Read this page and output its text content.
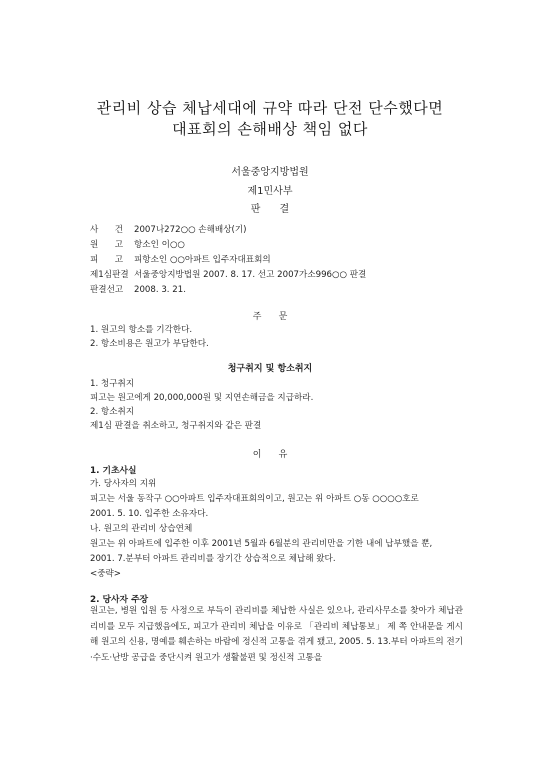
관리비 상습 체납세대에 규약 따라 단전 단수했다면
대표회의 손해배상 책임 없다
서울중앙지방법원
제1민사부
판      결
사      건 2007나272○○ 손해배상(기)
원      고 항소인 이○○
피      고 피항소인 ○○아파트 입주자대표회의
제1심판결 서울중앙지방법원 2007. 8. 17. 선고 2007가소996○○ 판결
판결선고 2008. 3. 21.
주      문
1. 원고의 항소를 기각한다.
2. 항소비용은 원고가 부담한다.
청구취지 및 항소취지
1. 청구취지
피고는 원고에게 20,000,000원 및 지연손해금을 지급하라.
2. 항소취지
제1심 판결을 취소하고, 청구취지와 같은 판결
이      유
1. 기초사실
가. 당사자의 지위
피고는 서울 동작구 ○○아파트 입주자대표회의이고, 원고는 위 아파트 ○동 ○○○○호로
2001. 5. 10. 입주한 소유자다.
나. 원고의 관리비 상습연체
원고는 위 아파트에 입주한 이후 2001년 5월과 6월분의 관리비만을 기한 내에 납부했을 뿐,
2001. 7.분부터 아파트 관리비를 장기간 상습적으로 체납해 왔다.
<중략>
2. 당사자 주장
원고는, 병원 입원 등 사정으로 부득이 관리비를 체납한 사실은 있으나, 관리사무소를 찾아가 체납관리비를 모두 지급했음에도, 피고가 관리비 체납을 이유로 「관리비 체납통보」 제 쪽 안내문을 게시해 원고의 신용, 명예를 훼손하는 바람에 정신적 고통을 겪게 됐고, 2005. 5. 13.부터 아파트의 전기·수도·난방 공급을 중단시켜 원고가 생활불편 및 정신적 고통을
